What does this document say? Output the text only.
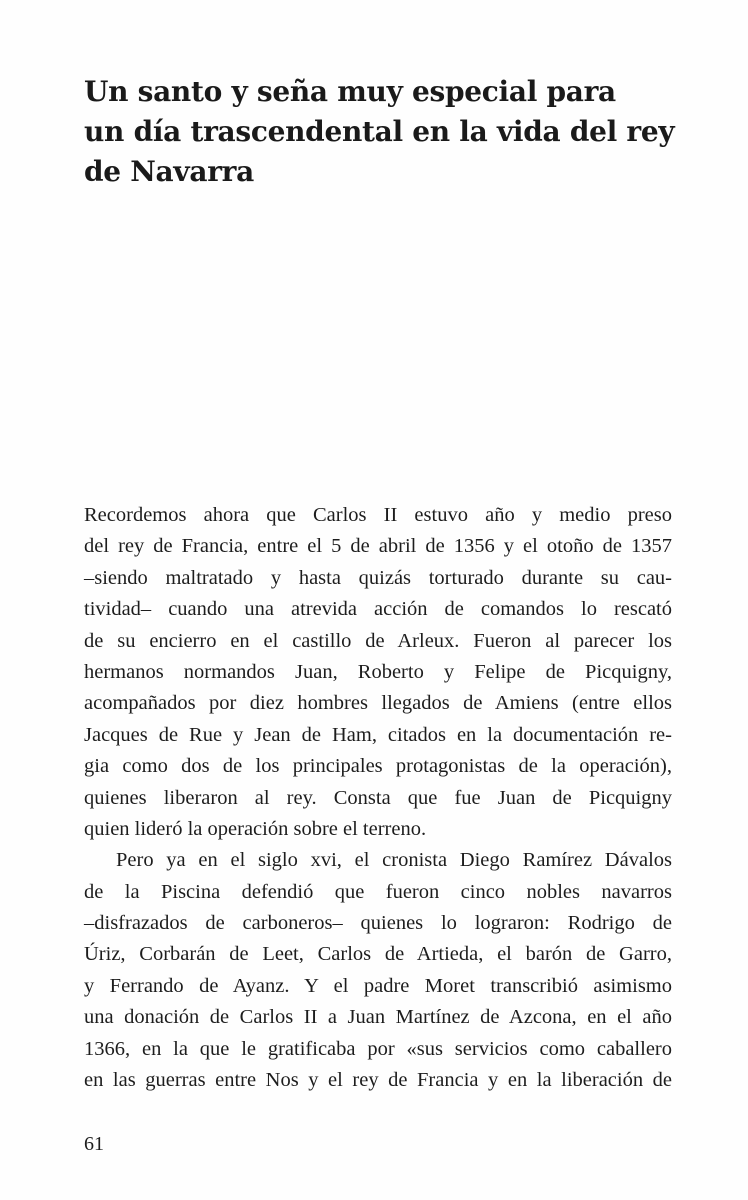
Un santo y seña muy especial para
un día trascendental en la vida del rey
de Navarra
Recordemos ahora que Carlos II estuvo año y medio preso
del rey de Francia, entre el 5 de abril de 1356 y el otoño de 1357
–siendo maltratado y hasta quizás torturado durante su cau-
tividad– cuando una atrevida acción de comandos lo rescató
de su encierro en el castillo de Arleux. Fueron al parecer los
hermanos normandos Juan, Roberto y Felipe de Picquigny,
acompañados por diez hombres llegados de Amiens (entre ellos
Jacques de Rue y Jean de Ham, citados en la documentación re-
gia como dos de los principales protagonistas de la operación),
quienes liberaron al rey. Consta que fue Juan de Picquigny
quien lideró la operación sobre el terreno.
Pero ya en el siglo xvi, el cronista Diego Ramírez Dávalos
de la Piscina defendió que fueron cinco nobles navarros
–disfrazados de carboneros– quienes lo lograron: Rodrigo de
Úriz, Corbarán de Leet, Carlos de Artieda, el barón de Garro,
y Ferrando de Ayanz. Y el padre Moret transcribió asimismo
una donación de Carlos II a Juan Martínez de Azcona, en el año
1366, en la que le gratificaba por «sus servicios como caballero
en las guerras entre Nos y el rey de Francia y en la liberación de
61
